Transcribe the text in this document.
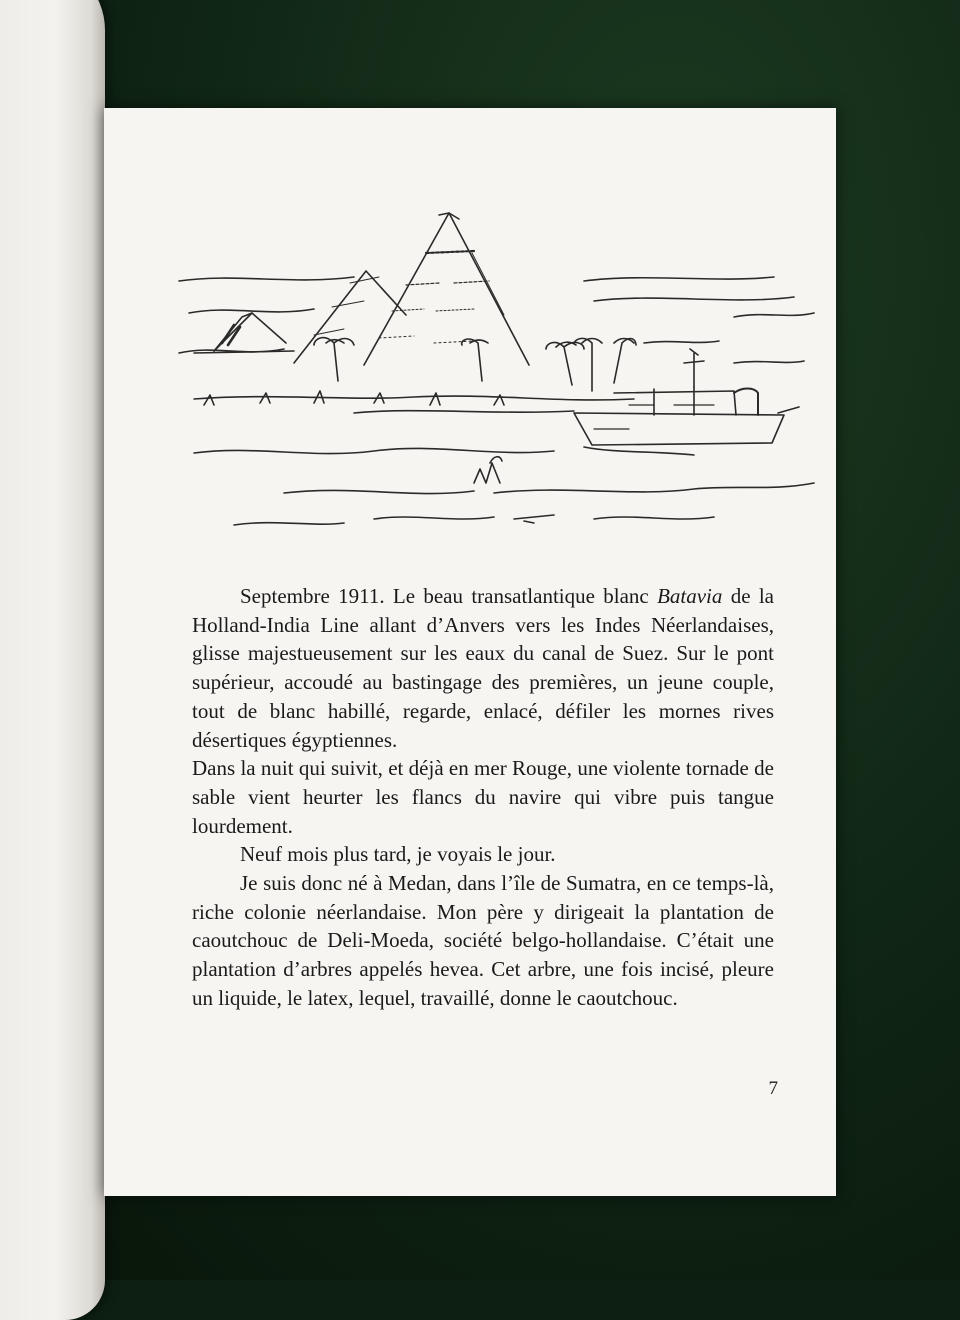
Septembre 1911. Le beau transatlantique blanc Batavia de la Holland-India Line allant d’Anvers vers les Indes Néerlandaises, glisse majestueusement sur les eaux du canal de Suez. Sur le pont supérieur, accoudé au bastingage des premières, un jeune couple, tout de blanc habillé, regarde, enlacé, défiler les mornes rives désertiques égyptiennes.

Dans la nuit qui suivit, et déjà en mer Rouge, une violente tornade de sable vient heurter les flancs du navire qui vibre puis tangue lourdement.

Neuf mois plus tard, je voyais le jour.

Je suis donc né à Medan, dans l’île de Sumatra, en ce temps-là, riche colonie néerlandaise. Mon père y dirigeait la plantation de caoutchouc de Deli-Moeda, société belgo-hollandaise. C’était une plantation d’arbres appelés hevea. Cet arbre, une fois incisé, pleure un liquide, le latex, lequel, travaillé, donne le caoutchouc.

7
